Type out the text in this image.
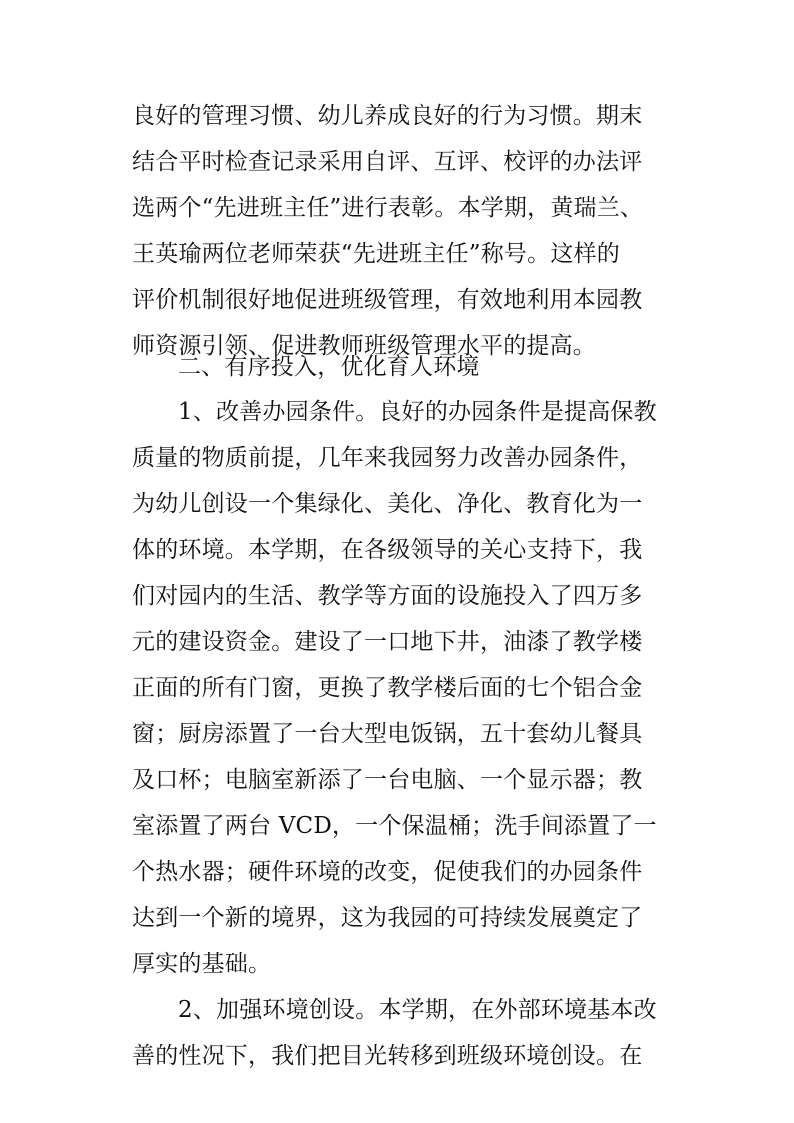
良好的管理习惯、幼儿养成良好的行为习惯。期末
结合平时检查记录采用自评、互评、校评的办法评
选两个“先进班主任”进行表彰。本学期，黄瑞兰、
王英瑜两位老师荣获“先进班主任”称号。这样的
评价机制很好地促进班级管理，有效地利用本园教
师资源引领、促进教师班级管理水平的提高。
二、有序投入，优化育人环境
1、改善办园条件。良好的办园条件是提高保教
质量的物质前提，几年来我园努力改善办园条件，
为幼儿创设一个集绿化、美化、净化、教育化为一
体的环境。本学期，在各级领导的关心支持下，我
们对园内的生活、教学等方面的设施投入了四万多
元的建设资金。建设了一口地下井，油漆了教学楼
正面的所有门窗，更换了教学楼后面的七个铝合金
窗；厨房添置了一台大型电饭锅，五十套幼儿餐具
及口杯；电脑室新添了一台电脑、一个显示器；教
室添置了两台 VCD，一个保温桶；洗手间添置了一
个热水器；硬件环境的改变，促使我们的办园条件
达到一个新的境界，这为我园的可持续发展奠定了
厚实的基础。
2、加强环境创设。本学期，在外部环境基本改
善的性况下，我们把目光转移到班级环境创设。在
